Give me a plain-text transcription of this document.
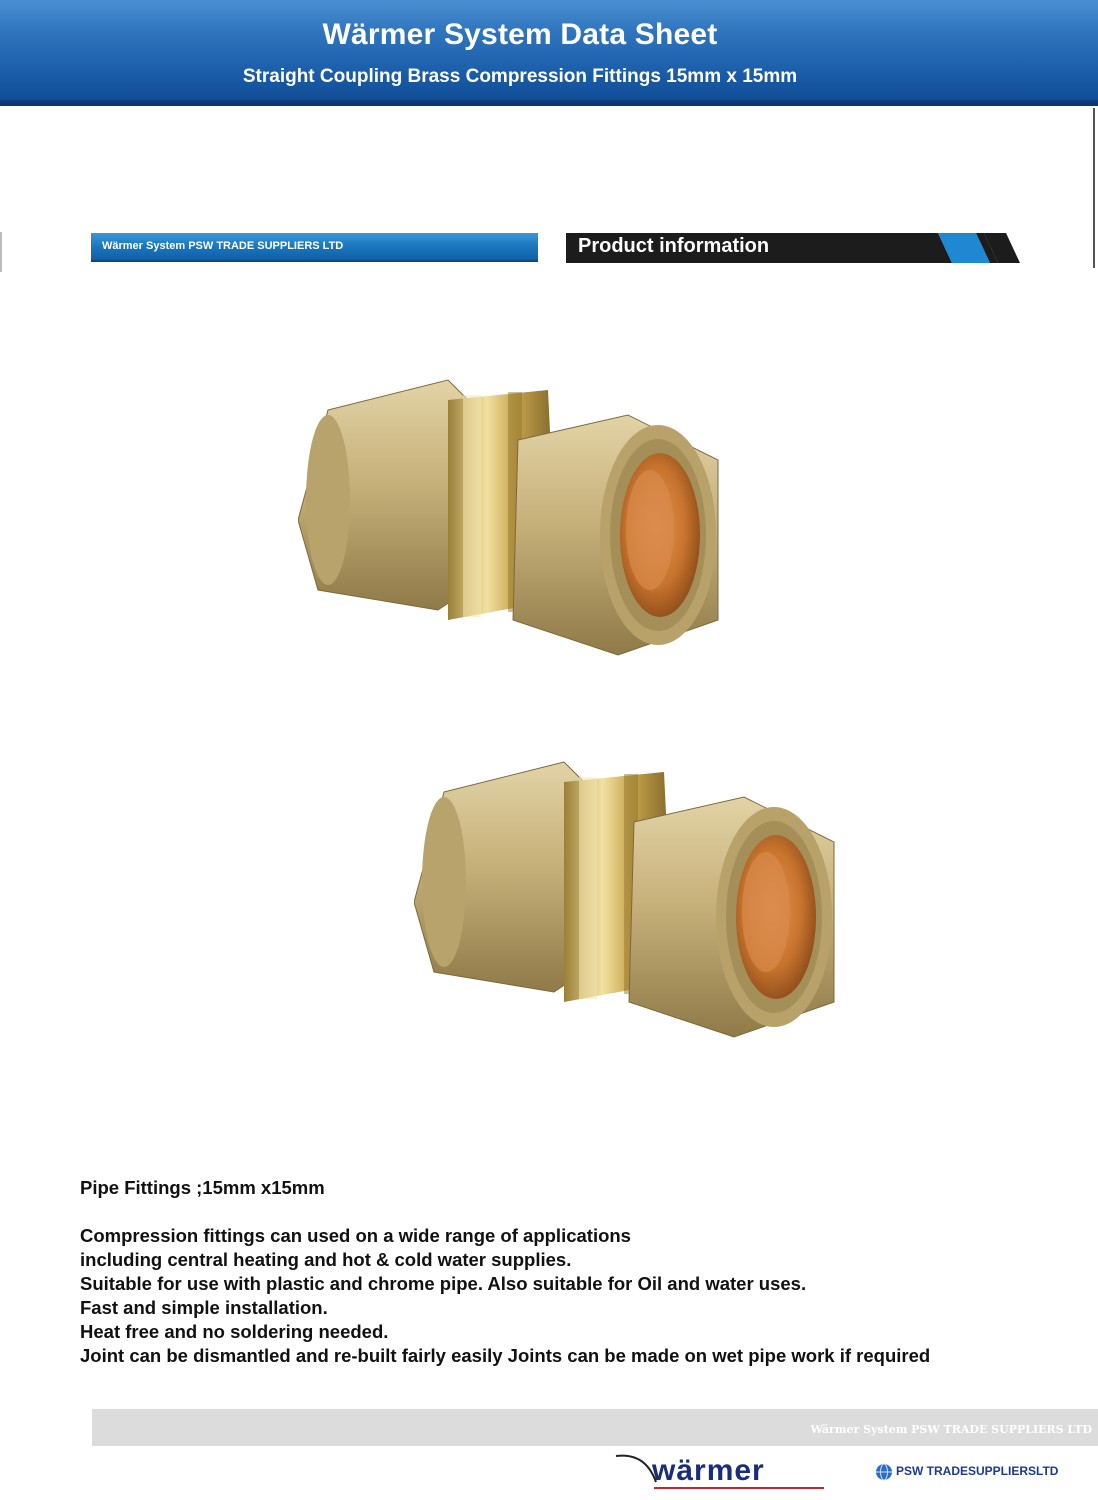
Wärmer System Data Sheet
Straight Coupling Brass Compression Fittings 15mm x 15mm
Wärmer System PSW TRADE SUPPLIERS LTD	Product information
Pipe Fittings ;15mm x15mm
Compression fittings can used on a wide range of applications
including central heating and hot & cold water supplies.
Suitable for use with plastic and chrome pipe. Also suitable for Oil and water uses.
Fast and simple installation.
Heat free and no soldering needed.
Joint can be dismantled and re-built fairly easily Joints can be made on wet pipe work if required
Wärmer System PSW TRADE SUPPLIERS LTD
wärmer	PSW TRADESUPPLIERSLTD
